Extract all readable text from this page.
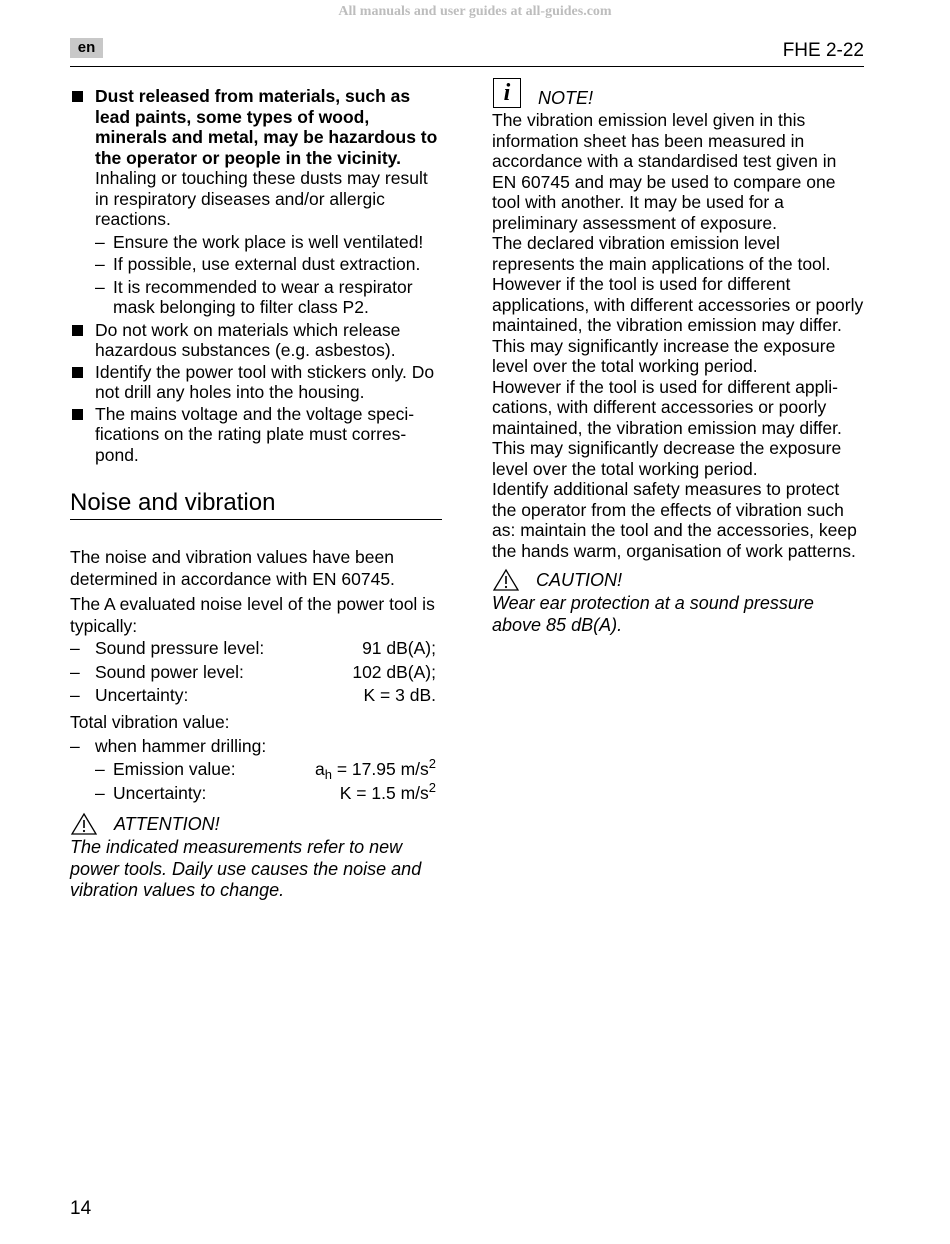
All manuals and user guides at all-guides.com
en	FHE 2-22
Dust released from materials, such as lead paints, some types of wood, minerals and metal, may be hazardous to the operator or people in the vicinity.
Inhaling or touching these dusts may result in respiratory diseases and/or allergic reactions.
– Ensure the work place is well ventilated!
– If possible, use external dust extraction.
– It is recommended to wear a respirator mask belonging to filter class P2.
Do not work on materials which release hazardous substances (e.g. asbestos).
Identify the power tool with stickers only. Do not drill any holes into the housing.
The mains voltage and the voltage speci-fications on the rating plate must corres-pond.
Noise and vibration
The noise and vibration values have been determined in accordance with EN 60745.
The A evaluated noise level of the power tool is typically:
– Sound pressure level:	91 dB(A);
– Sound power level:	102 dB(A);
– Uncertainty:	K = 3 dB.
Total vibration value:
– when hammer drilling:
– Emission value:	$a_h = 17.95$ $m/s^2$
– Uncertainty:	K = 1.5 $m/s^2$
ATTENTION!
The indicated measurements refer to new power tools. Daily use causes the noise and vibration values to change.
i	NOTE!
The vibration emission level given in this information sheet has been measured in accordance with a standardised test given in EN 60745 and may be used to compare one tool with another. It may be used for a preliminary assessment of exposure.
The declared vibration emission level represents the main applications of the tool. However if the tool is used for different applications, with different accessories or poorly maintained, the vibration emission may differ. This may significantly increase the exposure level over the total working period.
However if the tool is used for different appli-cations, with different accessories or poorly maintained, the vibration emission may differ. This may significantly decrease the exposure level over the total working period.
Identify additional safety measures to protect the operator from the effects of vibration such as: maintain the tool and the accessories, keep the hands warm, organisation of work patterns.
CAUTION!
Wear ear protection at a sound pressure above 85 dB(A).
14
